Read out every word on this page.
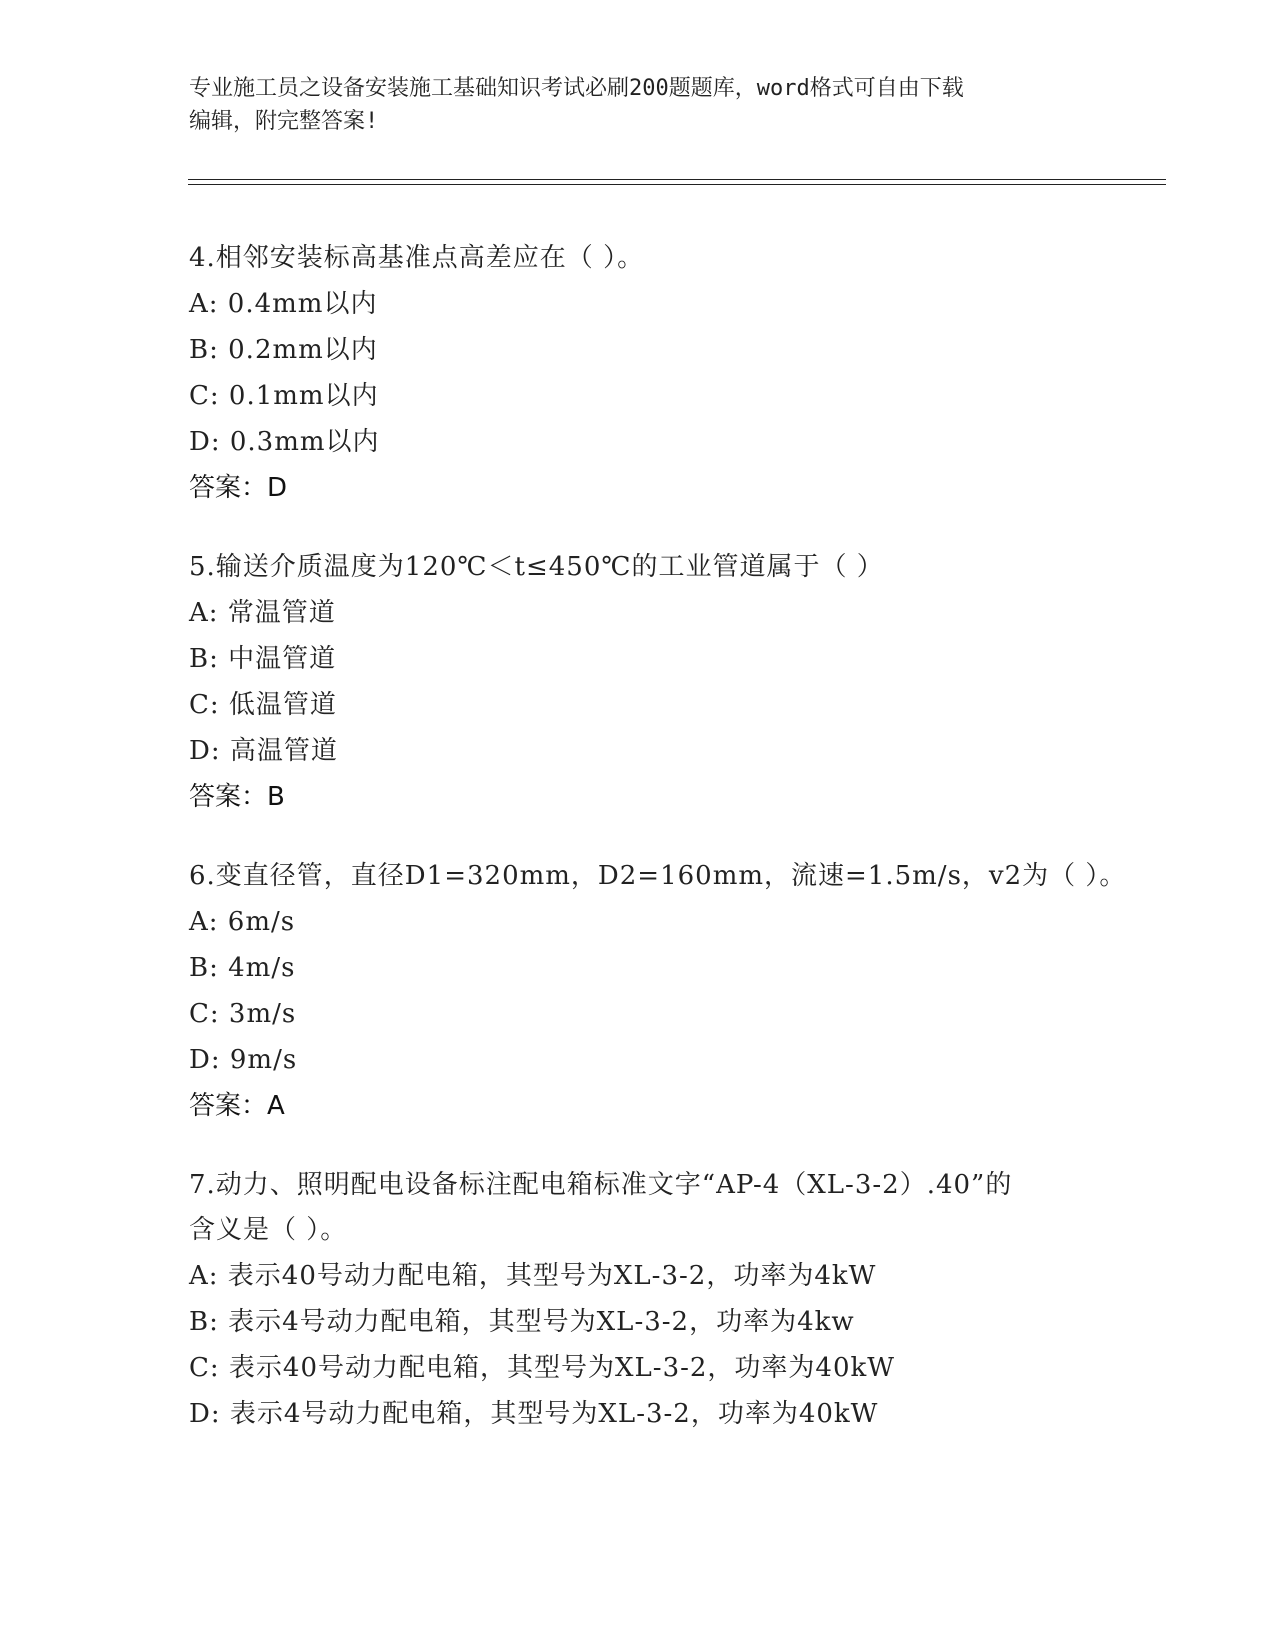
专业施工员之设备安装施工基础知识考试必刷200题题库，word格式可自由下载
编辑，附完整答案!
4.相邻安装标高基准点高差应在（ ）。
A: 0.4mm以内
B: 0.2mm以内
C: 0.1mm以内
D: 0.3mm以内
答案：D
5.输送介质温度为120℃＜t≤450℃的工业管道属于（ ）
A: 常温管道
B: 中温管道
C: 低温管道
D: 高温管道
答案：B
6.变直径管，直径D1=320mm，D2=160mm，流速=1.5m/s，v2为（ ）。
A: 6m/s
B: 4m/s
C: 3m/s
D: 9m/s
答案：A
7.动力、照明配电设备标注配电箱标准文字“AP-4（XL-3-2）.40”的
含义是（ ）。
A: 表示40号动力配电箱，其型号为XL-3-2，功率为4kW
B: 表示4号动力配电箱，其型号为XL-3-2，功率为4kw
C: 表示40号动力配电箱，其型号为XL-3-2，功率为40kW
D: 表示4号动力配电箱，其型号为XL-3-2，功率为40kW
